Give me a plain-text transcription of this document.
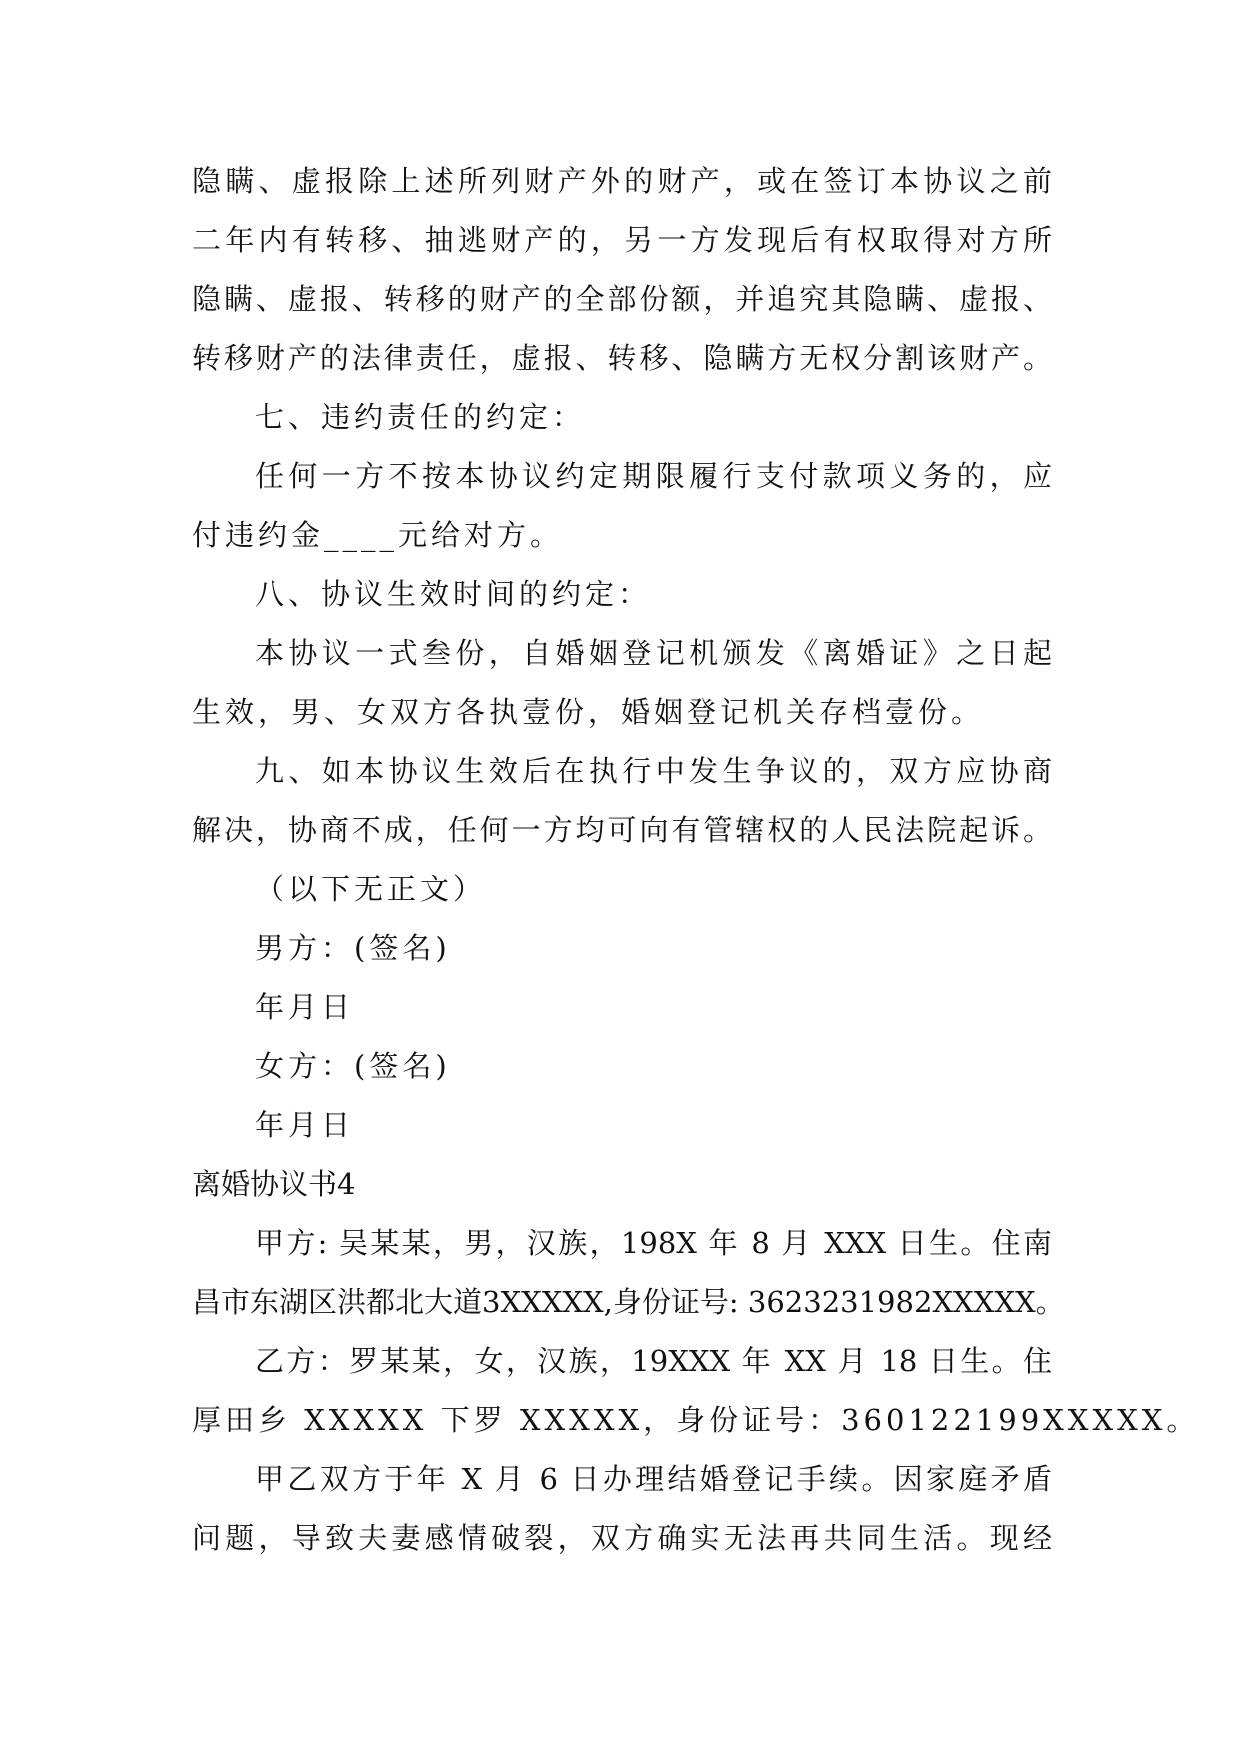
隐瞒、虚报除上述所列财产外的财产，或在签订本协议之前
二年内有转移、抽逃财产的，另一方发现后有权取得对方所
隐瞒、虚报、转移的财产的全部份额，并追究其隐瞒、虚报、
转移财产的法律责任，虚报、转移、隐瞒方无权分割该财产。
七、违约责任的约定：
任何一方不按本协议约定期限履行支付款项义务的，应
付违约金____元给对方。
八、协议生效时间的约定：
本协议一式叁份，自婚姻登记机颁发《离婚证》之日起
生效，男、女双方各执壹份，婚姻登记机关存档壹份。
九、如本协议生效后在执行中发生争议的，双方应协商
解决，协商不成，任何一方均可向有管辖权的人民法院起诉。
（以下无正文）
男方：(签名)
年月日
女方：(签名)
年月日
离婚协议书4
甲方: 吴某某，男，汉族，198X 年 8 月 XXX 日生。住南
昌市东湖区洪都北大道3XXXXX,身份证号: 3623231982XXXXX。
乙方：罗某某，女，汉族，19XXX 年 XX 月 18 日生。住
厚田乡 XXXXX 下罗 XXXXX，身份证号：360122199XXXXX。
甲乙双方于年 X 月 6 日办理结婚登记手续。因家庭矛盾
问题，导致夫妻感情破裂，双方确实无法再共同生活。现经
